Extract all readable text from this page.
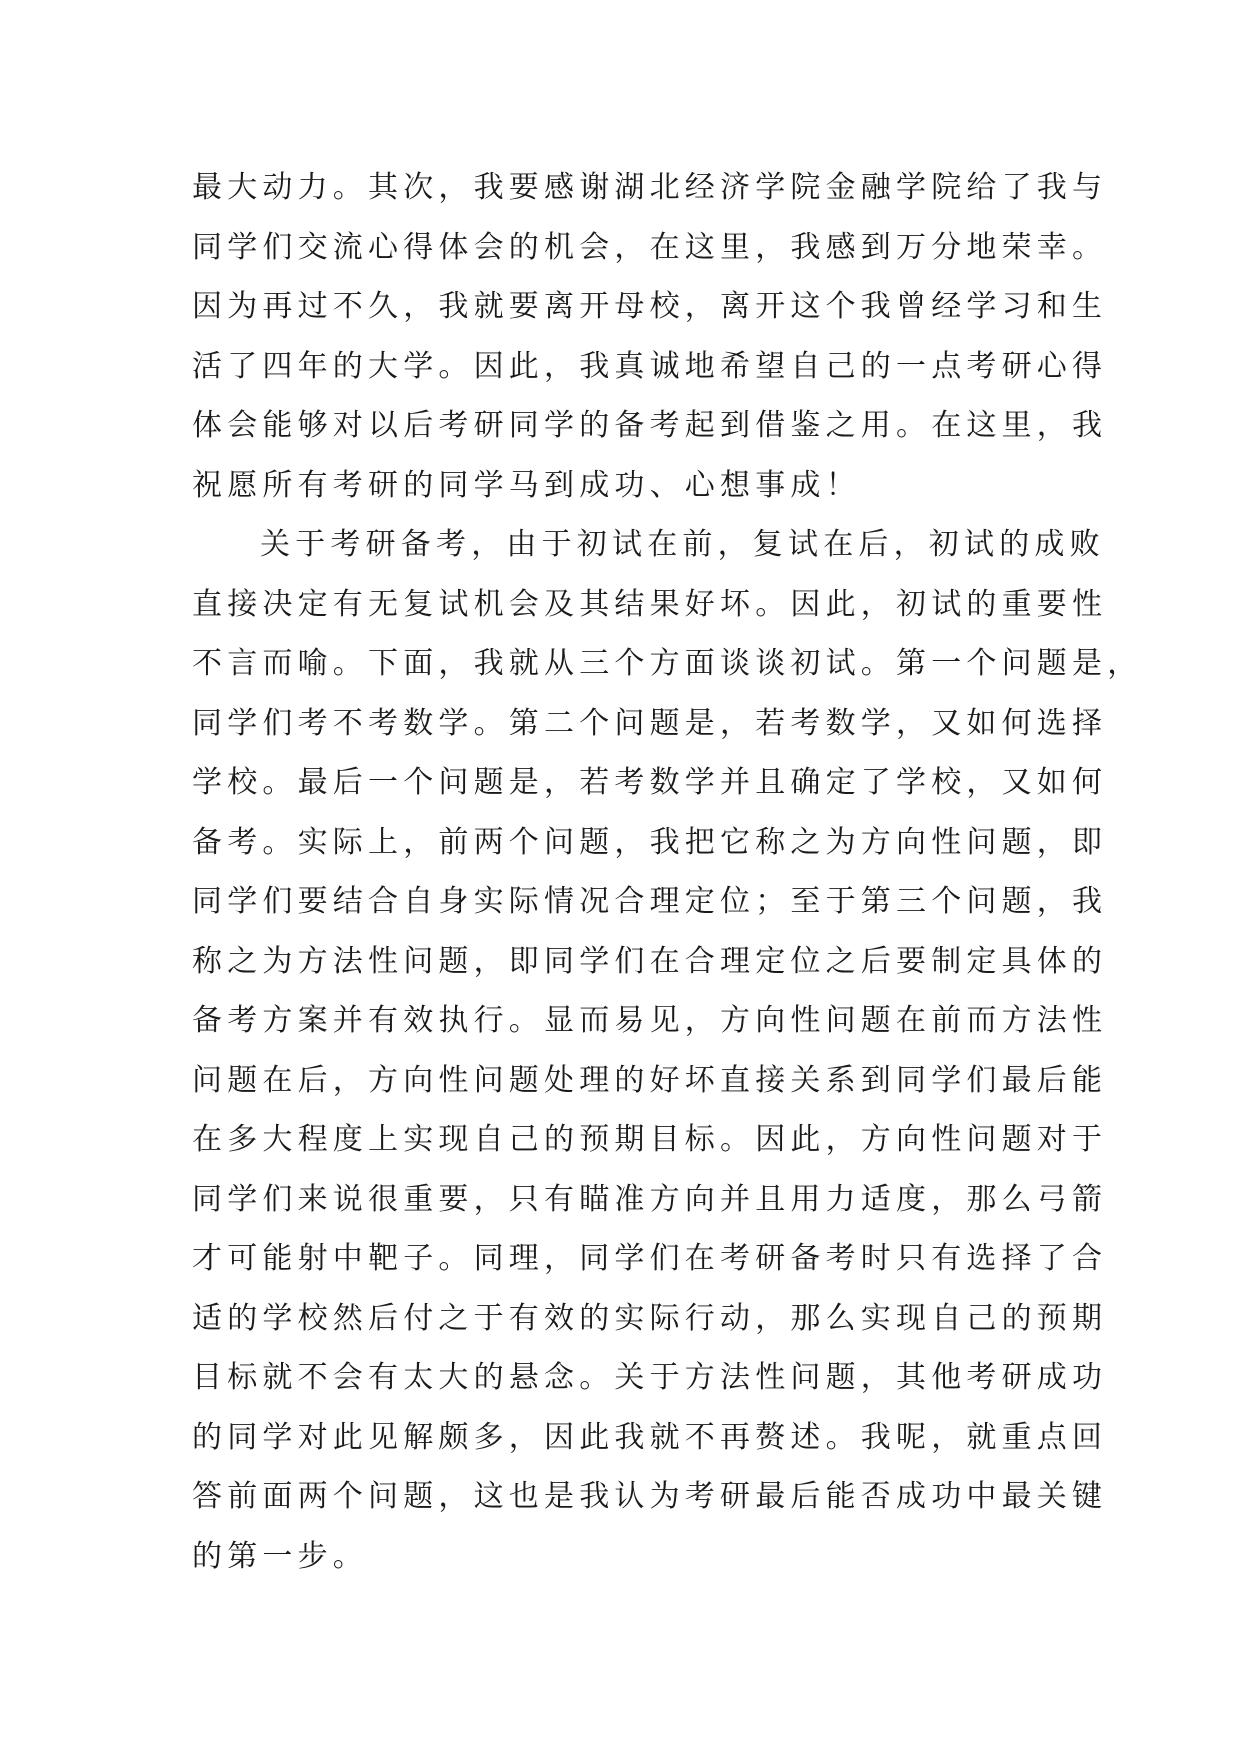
最大动力。其次，我要感谢湖北经济学院金融学院给了我与
同学们交流心得体会的机会，在这里，我感到万分地荣幸。
因为再过不久，我就要离开母校，离开这个我曾经学习和生
活了四年的大学。因此，我真诚地希望自己的一点考研心得
体会能够对以后考研同学的备考起到借鉴之用。在这里，我
祝愿所有考研的同学马到成功、心想事成！
关于考研备考，由于初试在前，复试在后，初试的成败
直接决定有无复试机会及其结果好坏。因此，初试的重要性
不言而喻。下面，我就从三个方面谈谈初试。第一个问题是，
同学们考不考数学。第二个问题是，若考数学，又如何选择
学校。最后一个问题是，若考数学并且确定了学校，又如何
备考。实际上，前两个问题，我把它称之为方向性问题，即
同学们要结合自身实际情况合理定位；至于第三个问题，我
称之为方法性问题，即同学们在合理定位之后要制定具体的
备考方案并有效执行。显而易见，方向性问题在前而方法性
问题在后，方向性问题处理的好坏直接关系到同学们最后能
在多大程度上实现自己的预期目标。因此，方向性问题对于
同学们来说很重要，只有瞄准方向并且用力适度，那么弓箭
才可能射中靶子。同理，同学们在考研备考时只有选择了合
适的学校然后付之于有效的实际行动，那么实现自己的预期
目标就不会有太大的悬念。关于方法性问题，其他考研成功
的同学对此见解颇多，因此我就不再赘述。我呢，就重点回
答前面两个问题，这也是我认为考研最后能否成功中最关键
的第一步。
